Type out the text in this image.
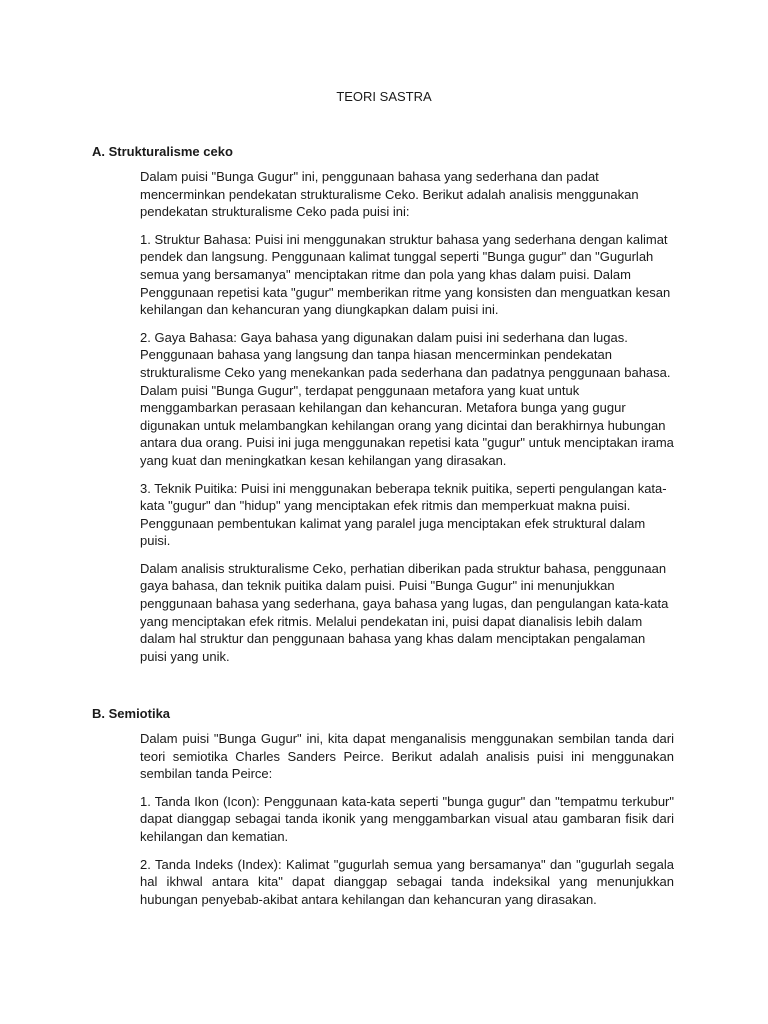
TEORI SASTRA
A. Strukturalisme ceko

Dalam puisi "Bunga Gugur" ini, penggunaan bahasa yang sederhana dan padat mencerminkan pendekatan strukturalisme Ceko. Berikut adalah analisis menggunakan pendekatan strukturalisme Ceko pada puisi ini:

1. Struktur Bahasa: Puisi ini menggunakan struktur bahasa yang sederhana dengan kalimat pendek dan langsung. Penggunaan kalimat tunggal seperti "Bunga gugur" dan "Gugurlah semua yang bersamanya" menciptakan ritme dan pola yang khas dalam puisi. Dalam Penggunaan repetisi kata "gugur" memberikan ritme yang konsisten dan menguatkan kesan kehilangan dan kehancuran yang diungkapkan dalam puisi ini.

2. Gaya Bahasa: Gaya bahasa yang digunakan dalam puisi ini sederhana dan lugas. Penggunaan bahasa yang langsung dan tanpa hiasan mencerminkan pendekatan strukturalisme Ceko yang menekankan pada sederhana dan padatnya penggunaan bahasa. Dalam puisi "Bunga Gugur", terdapat penggunaan metafora yang kuat untuk menggambarkan perasaan kehilangan dan kehancuran. Metafora bunga yang gugur digunakan untuk melambangkan kehilangan orang yang dicintai dan berakhirnya hubungan antara dua orang. Puisi ini juga menggunakan repetisi kata "gugur" untuk menciptakan irama yang kuat dan meningkatkan kesan kehilangan yang dirasakan.

3. Teknik Puitika: Puisi ini menggunakan beberapa teknik puitika, seperti pengulangan kata-kata "gugur" dan "hidup" yang menciptakan efek ritmis dan memperkuat makna puisi. Penggunaan pembentukan kalimat yang paralel juga menciptakan efek struktural dalam puisi.

Dalam analisis strukturalisme Ceko, perhatian diberikan pada struktur bahasa, penggunaan gaya bahasa, dan teknik puitika dalam puisi. Puisi "Bunga Gugur" ini menunjukkan penggunaan bahasa yang sederhana, gaya bahasa yang lugas, dan pengulangan kata-kata yang menciptakan efek ritmis. Melalui pendekatan ini, puisi dapat dianalisis lebih dalam dalam hal struktur dan penggunaan bahasa yang khas dalam menciptakan pengalaman puisi yang unik.

B. Semiotika

Dalam puisi "Bunga Gugur" ini, kita dapat menganalisis menggunakan sembilan tanda dari teori semiotika Charles Sanders Peirce. Berikut adalah analisis puisi ini menggunakan sembilan tanda Peirce:

1. Tanda Ikon (Icon): Penggunaan kata-kata seperti "bunga gugur" dan "tempatmu terkubur" dapat dianggap sebagai tanda ikonik yang menggambarkan visual atau gambaran fisik dari kehilangan dan kematian.

2. Tanda Indeks (Index): Kalimat "gugurlah semua yang bersamanya" dan "gugurlah segala hal ikhwal antara kita" dapat dianggap sebagai tanda indeksikal yang menunjukkan hubungan penyebab-akibat antara kehilangan dan kehancuran yang dirasakan.
